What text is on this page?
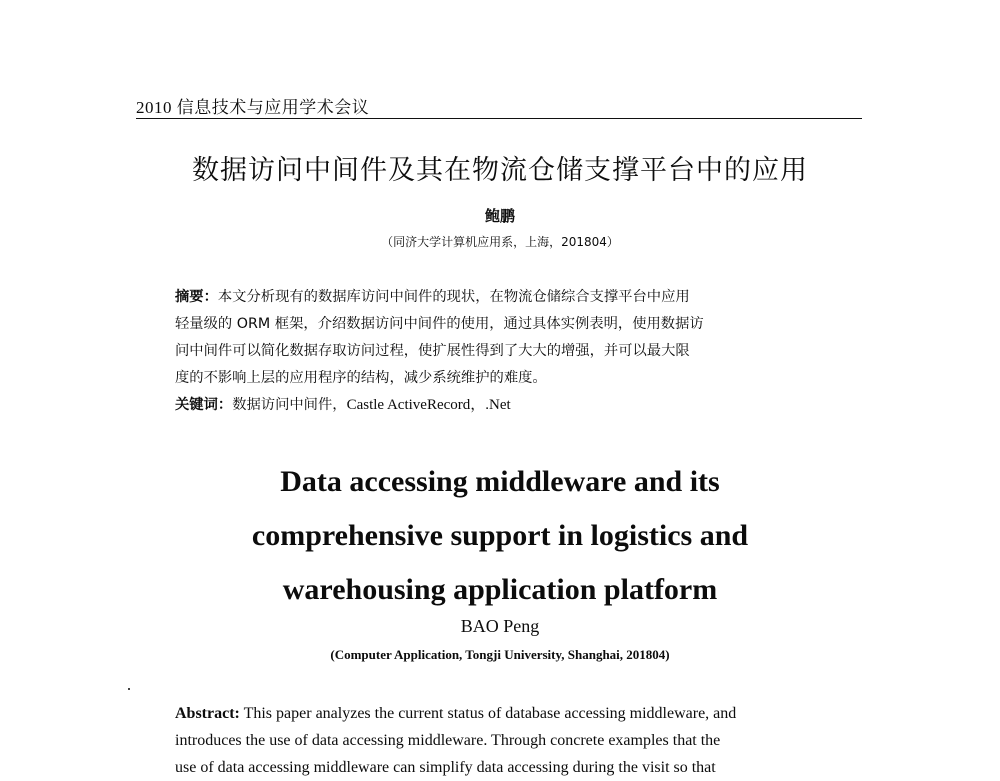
2010 信息技术与应用学术会议
数据访问中间件及其在物流仓储支撑平台中的应用
鲍鹏
（同济大学计算机应用系，上海，201804）
摘要：本文分析现有的数据库访问中间件的现状，在物流仓储综合支撑平台中应用
轻量级的 ORM 框架，介绍数据访问中间件的使用，通过具体实例表明，使用数据访
问中间件可以简化数据存取访问过程，使扩展性得到了大大的增强，并可以最大限
度的不影响上层的应用程序的结构，减少系统维护的难度。
关键词：数据访问中间件，Castle ActiveRecord，.Net
Data accessing middleware and its
comprehensive support in logistics and
warehousing application platform
BAO Peng
(Computer Application, Tongji University, Shanghai, 201804)
Abstract: This paper analyzes the current status of database accessing middleware, and
introduces the use of data accessing middleware. Through concrete examples that the
use of data accessing middleware can simplify data accessing during the visit so that
